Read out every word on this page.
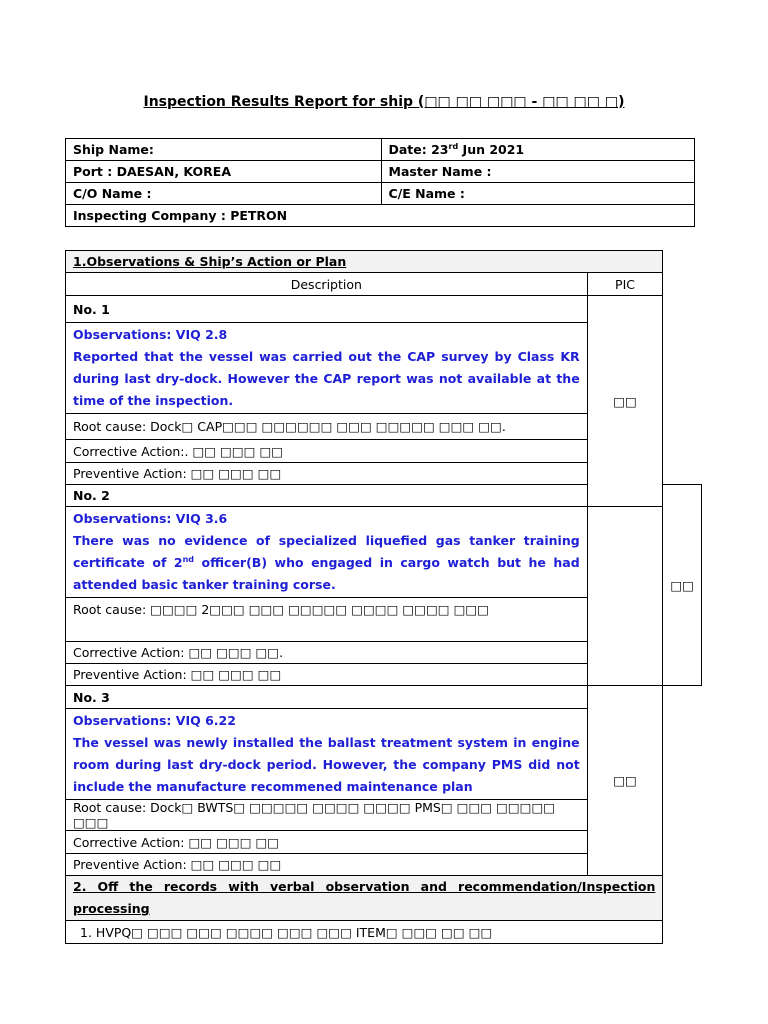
Inspection Results Report for ship (□□ □□ □□□ - □□ □□ □)
Ship Name:	Date: 23rd Jun 2021
Port : DAESAN, KOREA	Master Name :
C/O Name :	C/E Name :
Inspecting Company : PETRON	
1.Observations & Ship’s Action or Plan		
Description	PIC	
No. 1	□□	

Observations: VIQ 2.8
Reported that the vessel was carried out the CAP survey by Class KR during last dry-dock. However the CAP report was not available at the time of the inspection.		

Root cause: Dock□ CAP□□□ □□□□□□ □□□ □□□□□ □□□ □□.		
Corrective Action:. □□ □□□ □□		
Preventive Action: □□ □□□ □□		
No. 2		□□

Observations: VIQ 3.6
There was no evidence of specialized liquefied gas tanker training certificate of 2nd officer(B) who engaged in cargo watch but he had attended basic tanker training corse.		

Root cause: □□□□ 2□□□ □□□ □□□□□ □□□□ □□□□ □□□		
Corrective Action: □□ □□□ □□.		
Preventive Action: □□ □□□ □□		
No. 3	□□	

Observations: VIQ 6.22
The vessel was newly installed the ballast treatment system in engine room during last dry-dock period. However, the company PMS did not include the manufacture recommened maintenance plan		

Root cause: Dock□ BWTS□ □□□□□ □□□□ □□□□ PMS□ □□□ □□□□□ □□□		
Corrective Action: □□ □□□ □□		
Preventive Action: □□ □□□ □□		
2. Off the records with verbal observation and recommendation/Inspection processing		
1. HVPQ□ □□□ □□□ □□□□ □□□ □□□ ITEM□ □□□ □□ □□		
